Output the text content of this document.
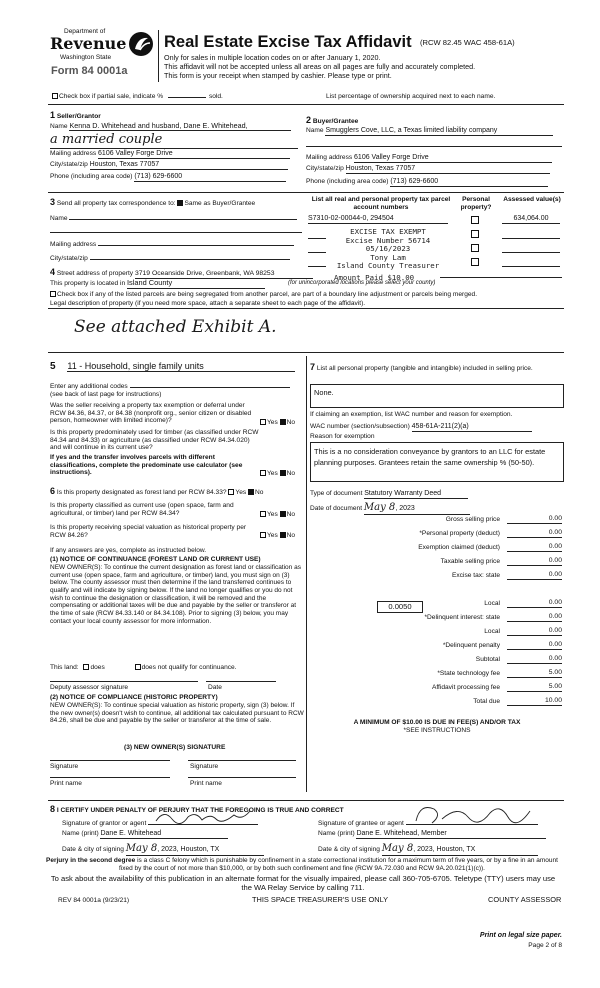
Department of
Revenue
Washington State
Form 84 0001a
Real Estate Excise Tax Affidavit (RCW 82.45 WAC 458-61A)
Only for sales in multiple location codes on or after January 1, 2020.
This affidavit will not be accepted unless all areas on all pages are fully and accurately completed.
This form is your receipt when stamped by cashier. Please type or print.
Check box if partial sale, indicate %	sold.	List percentage of ownership acquired next to each name.
1 Seller/Grantor
Name Kenna D. Whitehead and husband, Dane E. Whitehead,
a married couple
Mailing address 6106 Valley Forge Drive
City/state/zip Houston, Texas 77057
Phone (including area code) (713) 629-6600
2 Buyer/Grantee
Name Smugglers Cove, LLC, a Texas limited liability company
Mailing address 6106 Valley Forge Drive
City/state/zip Houston, Texas 77057
Phone (including area code) (713) 629-6600
3 Send all property tax correspondence to: Same as Buyer/Grantee
Name
Mailing address
City/state/zip
List all real and personal property tax parcel account numbers
Personal property?
Assessed value(s)
S7310-02-00044-0, 294504	634,064.00
EXCISE TAX EXEMPT
Excise Number 56714
05/16/2023
Tony Lam
Island County Treasurer
4 Street address of property 3719 Oceanside Drive, Greenbank, WA 98253
This property is located in Island County
Amount Paid $10.00
(for unincorporated locations please select your county)
Check box if any of the listed parcels are being segregated from another parcel, are part of a boundary line adjustment or parcels being merged.
Legal description of property (if you need more space, attach a separate sheet to each page of the affidavit).
See attached Exhibit A.
5 11 - Household, single family units
Enter any additional codes
(see back of last page for instructions)
Was the seller receiving a property tax exemption or deferral under RCW 84.36, 84.37, or 84.38 (nonprofit org., senior citizen or disabled person, homeowner with limited income)?	Yes No
Is this property predominately used for timber (as classified under RCW 84.34 and 84.33) or agriculture (as classified under RCW 84.34.020) and will continue in its current use?
If yes and the transfer involves parcels with different classifications, complete the predominate use calculator (see instructions).	Yes No
6 Is this property designated as forest land per RCW 84.33? Yes No
Is this property classified as current use (open space, farm and agricultural, or timber) land per RCW 84.34?	Yes No
Is this property receiving special valuation as historical property per RCW 84.26?	Yes No
If any answers are yes, complete as instructed below.
(1) NOTICE OF CONTINUANCE (FOREST LAND OR CURRENT USE)
NEW OWNER(S): To continue the current designation as forest land or classification as current use (open space, farm and agriculture, or timber) land, you must sign on (3) below. The county assessor must then determine if the land transferred continues to qualify and will indicate by signing below. If the land no longer qualifies or you do not wish to continue the designation or classification, it will be removed and the compensating or additional taxes will be due and payable by the seller or transferor at the time of sale (RCW 84.33.140 or 84.34.108). Prior to signing (3) below, you may contact your local county assessor for more information.
This land: does	does not qualify for continuance.
Deputy assessor signature	Date
(2) NOTICE OF COMPLIANCE (HISTORIC PROPERTY)
NEW OWNER(S): To continue special valuation as historic property, sign (3) below. If the new owner(s) doesn't wish to continue, all additional tax calculated pursuant to RCW 84.26, shall be due and payable by the seller or transferor at the time of sale.
(3) NEW OWNER(S) SIGNATURE
Signature	Signature
Print name	Print name
7 List all personal property (tangible and intangible) included in selling price.
None.
If claiming an exemption, list WAC number and reason for exemption.
WAC number (section/subsection) 458-61A-211(2)(a)
Reason for exemption
This is a no consideration conveyance by grantors to an LLC for estate planning purposes. Grantees retain the same ownership % (50-50).
Type of document Statutory Warranty Deed
Date of document May 8, 2023
Gross selling price	0.00
*Personal property (deduct)	0.00
Exemption claimed (deduct)	0.00
Taxable selling price	0.00
Excise tax: state	0.00
Local	0.00
*Delinquent interest: state	0.00
Local	0.00
*Delinquent penalty	0.00
Subtotal	0.00
*State technology fee	5.00
Affidavit processing fee	5.00
Total due	10.00
0.0050
A MINIMUM OF $10.00 IS DUE IN FEE(S) AND/OR TAX
*SEE INSTRUCTIONS
8 I CERTIFY UNDER PENALTY OF PERJURY THAT THE FOREGOING IS TRUE AND CORRECT
Signature of grantor or agent	Signature of grantee or agent
Name (print) Dane E. Whitehead	Name (print) Dane E. Whitehead, Member
Date & city of signing May 8, 2023, Houston, TX	Date & city of signing May 8, 2023, Houston, TX
Perjury in the second degree is a class C felony which is punishable by confinement in a state correctional institution for a maximum term of five years, or by a fine in an amount fixed by the court of not more than $10,000, or by both such confinement and fine (RCW 9A.72.030 and RCW 9A.20.021(1)(c)).
To ask about the availability of this publication in an alternate format for the visually impaired, please call 360-705-6705. Teletype (TTY) users may use the WA Relay Service by calling 711.
REV 84 0001a (9/23/21)	THIS SPACE TREASURER'S USE ONLY	COUNTY ASSESSOR
Print on legal size paper.
Page 2 of 8
